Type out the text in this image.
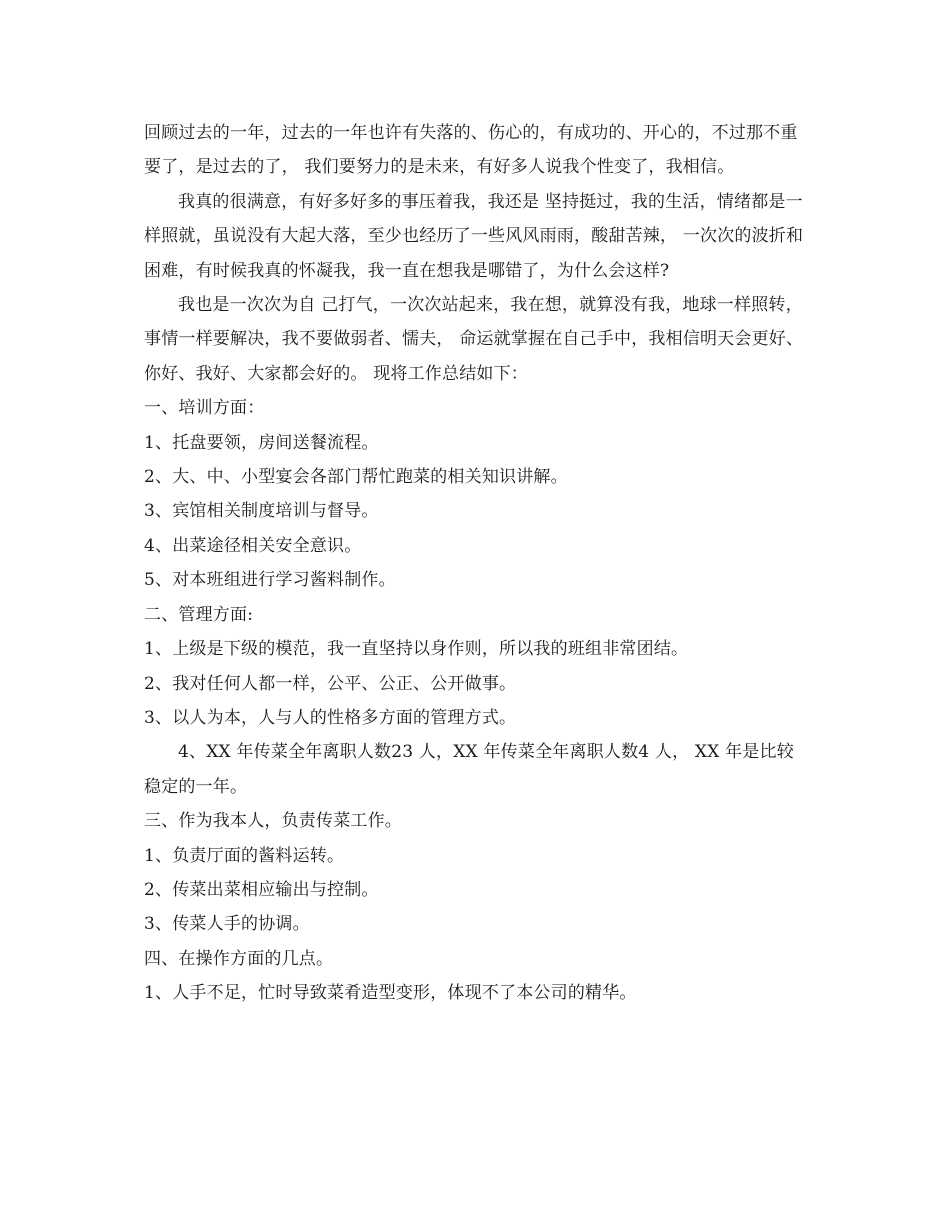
回顾过去的一年，过去的一年也许有失落的、伤心的，有成功的、开心的，不过那不重要了，是过去的了， 我们要努力的是未来，有好多人说我个性变了，我相信。

我真的很满意，有好多好多的事压着我，我还是 坚持挺过，我的生活，情绪都是一样照就，虽说没有大起大落，至少也经历了一些风风雨雨，酸甜苦辣， 一次次的波折和困难，有时候我真的怀凝我，我一直在想我是哪错了，为什么会这样?

我也是一次次为自 己打气，一次次站起来，我在想，就算没有我，地球一样照转，事情一样要解决，我不要做弱者、懦夫， 命运就掌握在自己手中，我相信明天会更好、你好、我好、大家都会好的。 现将工作总结如下：

一、培训方面：

1、托盘要领，房间送餐流程。

2、大、中、小型宴会各部门帮忙跑菜的相关知识讲解。

3、宾馆相关制度培训与督导。

4、出菜途径相关安全意识。

5、对本班组进行学习酱料制作。

二、管理方面:

1、上级是下级的模范，我一直坚持以身作则，所以我的班组非常团结。

2、我对任何人都一样，公平、公正、公开做事。

3、以人为本，人与人的性格多方面的管理方式。

4、XX 年传菜全年离职人数23 人，XX 年传菜全年离职人数4 人， XX 年是比较稳定的一年。

三、作为我本人，负责传菜工作。

1、负责厅面的酱料运转。

2、传菜出菜相应输出与控制。

3、传菜人手的协调。

四、在操作方面的几点。

1、人手不足，忙时导致菜肴造型变形，体现不了本公司的精华。
